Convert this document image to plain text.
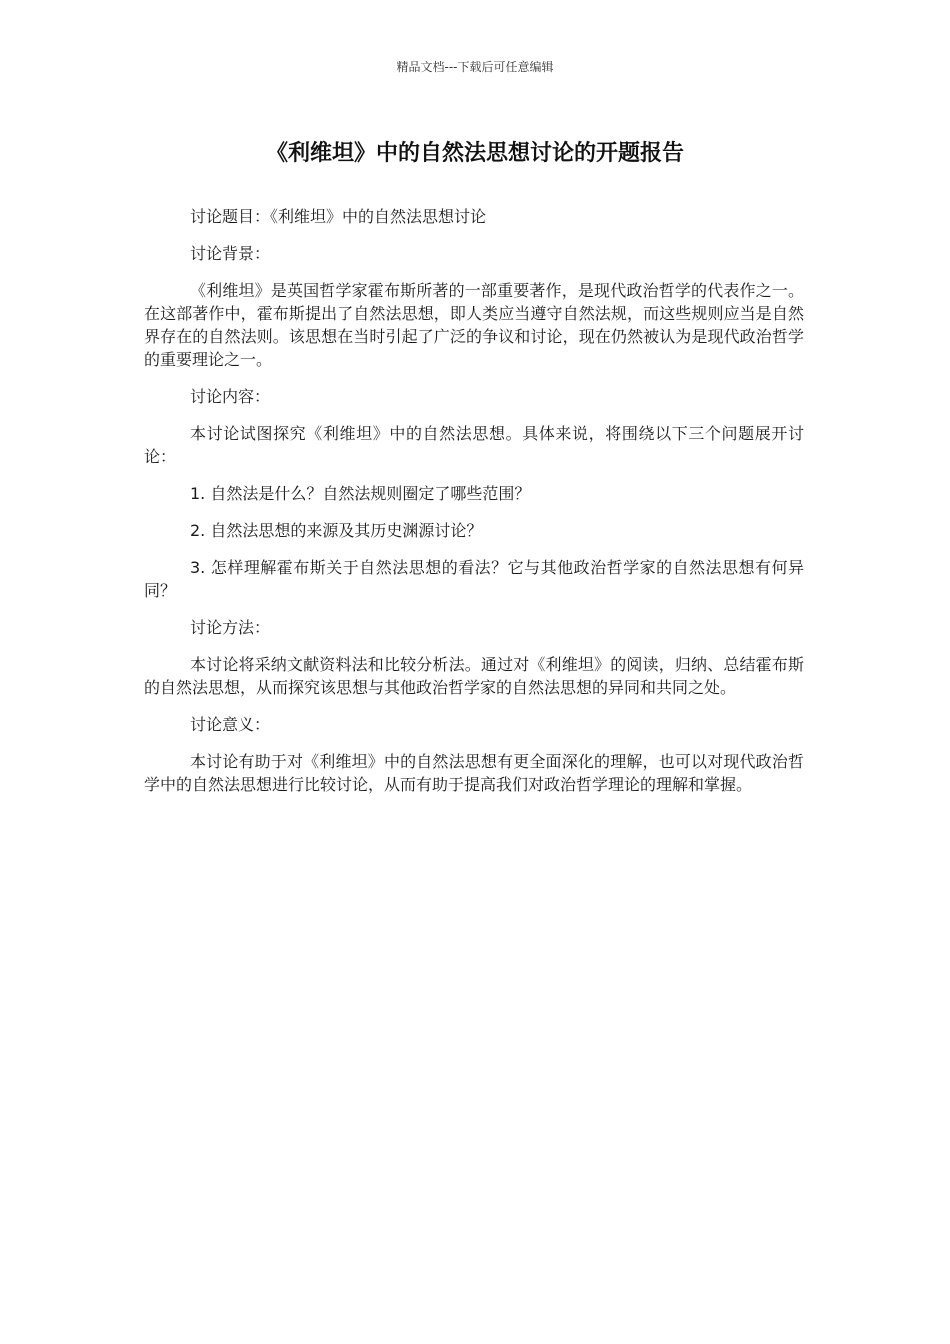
精品文档---下载后可任意编辑
《利维坦》中的自然法思想讨论的开题报告

讨论题目：《利维坦》中的自然法思想讨论

讨论背景：

《利维坦》是英国哲学家霍布斯所著的一部重要著作，是现代政治哲学的代表作之一。在这部著作中，霍布斯提出了自然法思想，即人类应当遵守自然法规，而这些规则应当是自然界存在的自然法则。该思想在当时引起了广泛的争议和讨论，现在仍然被认为是现代政治哲学的重要理论之一。

讨论内容：

本讨论试图探究《利维坦》中的自然法思想。具体来说，将围绕以下三个问题展开讨论：

1. 自然法是什么？自然法规则圈定了哪些范围？

2. 自然法思想的来源及其历史渊源讨论？

3. 怎样理解霍布斯关于自然法思想的看法？它与其他政治哲学家的自然法思想有何异同？

讨论方法：

本讨论将采纳文献资料法和比较分析法。通过对《利维坦》的阅读，归纳、总结霍布斯的自然法思想，从而探究该思想与其他政治哲学家的自然法思想的异同和共同之处。

讨论意义：

本讨论有助于对《利维坦》中的自然法思想有更全面深化的理解，也可以对现代政治哲学中的自然法思想进行比较讨论，从而有助于提高我们对政治哲学理论的理解和掌握。
